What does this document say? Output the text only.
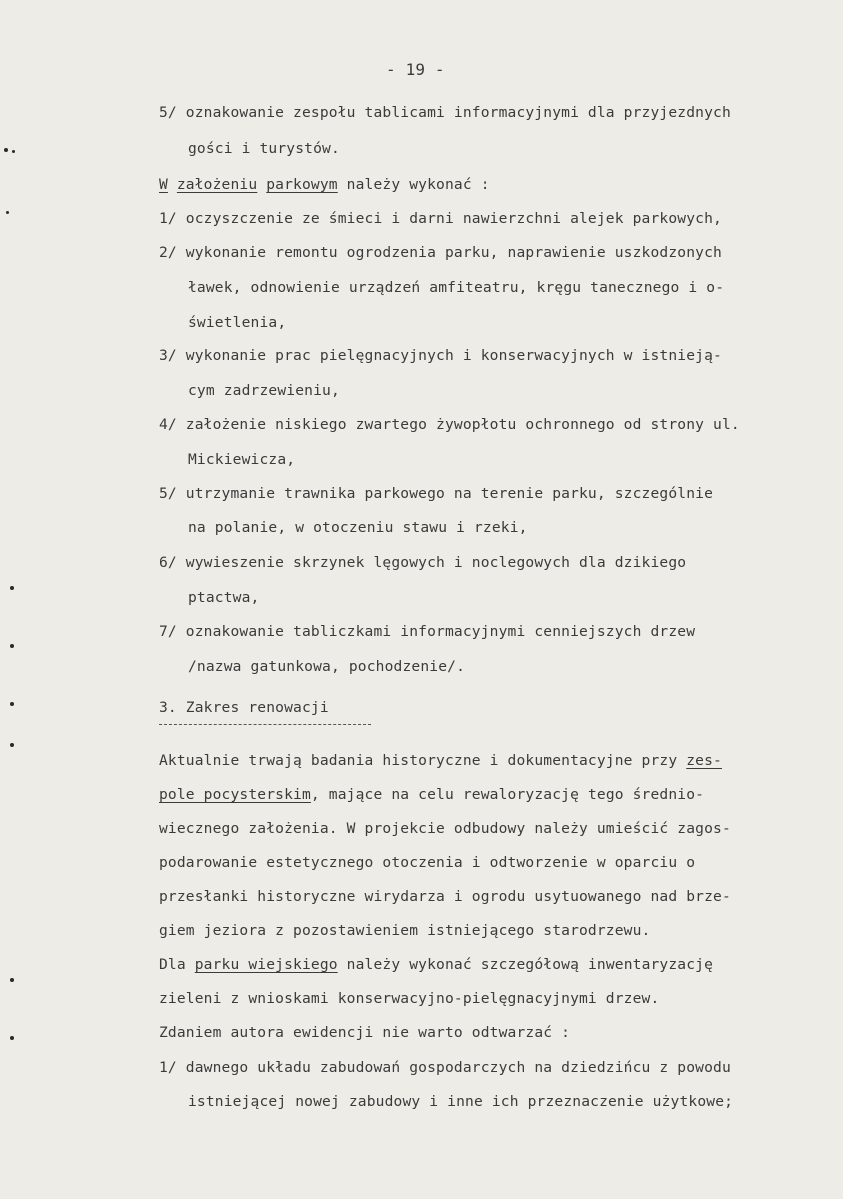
- 19 -
5/ oznakowanie zespołu tablicami informacyjnymi dla przyjezdnych
gości i turystów.
W założeniu parkowym należy wykonać :
1/ oczyszczenie ze śmieci i darni nawierzchni alejek parkowych,
2/ wykonanie remontu ogrodzenia parku, naprawienie uszkodzonych
ławek, odnowienie urządzeń amfiteatru, kręgu tanecznego i o-
świetlenia,
3/ wykonanie prac pielęgnacyjnych i konserwacyjnych w istnieją-
cym zadrzewieniu,
4/ założenie niskiego zwartego żywopłotu ochronnego od strony ul.
Mickiewicza,
5/ utrzymanie trawnika parkowego na terenie parku, szczególnie
na polanie, w otoczeniu stawu i rzeki,
6/ wywieszenie skrzynek lęgowych i noclegowych dla dzikiego
ptactwa,
7/ oznakowanie tabliczkami informacyjnymi cenniejszych drzew
/nazwa gatunkowa, pochodzenie/.
3. Zakres renowacji
Aktualnie trwają badania historyczne i dokumentacyjne przy zes-
pole pocysterskim, mające na celu rewaloryzację tego średnio-
wiecznego założenia. W projekcie odbudowy należy umieścić zagos-
podarowanie estetycznego otoczenia i odtworzenie w oparciu o
przesłanki historyczne wirydarza i ogrodu usytuowanego nad brze-
giem jeziora z pozostawieniem istniejącego starodrzewu.
Dla parku wiejskiego należy wykonać szczegółową inwentaryzację
zieleni z wnioskami konserwacyjno-pielęgnacyjnymi drzew.
Zdaniem autora ewidencji nie warto odtwarzać :
1/ dawnego układu zabudowań gospodarczych na dziedzińcu z powodu
istniejącej nowej zabudowy i inne ich przeznaczenie użytkowe;
